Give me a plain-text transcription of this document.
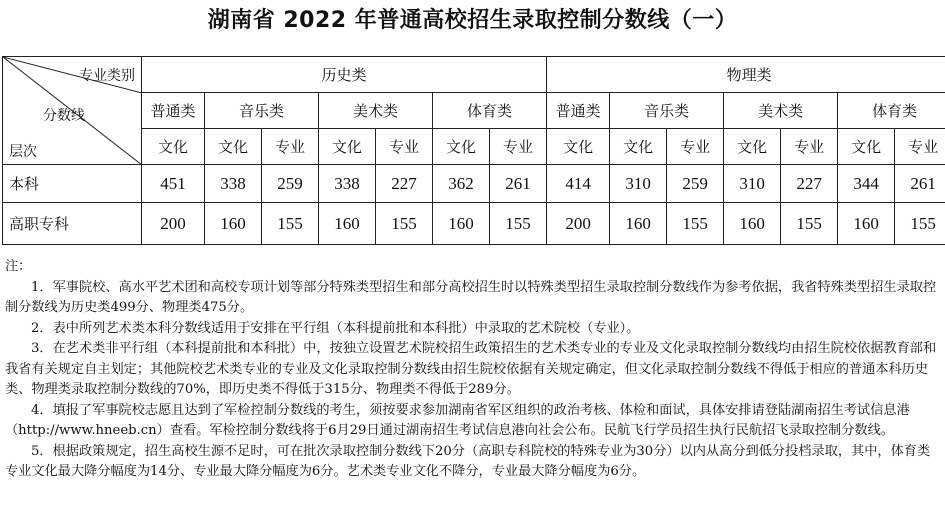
湖南省 2022 年普通高校招生录取控制分数线（一）
专业类别
分数线
层次	历史类							物理类						
	普通类	音乐类		美术类		体育类		普通类	音乐类		美术类		体育类	
	文化	文化	专业	文化	专业	文化	专业	文化	文化	专业	文化	专业	文化	专业
本科	451	338	259	338	227	362	261	414	310	259	310	227	344	261
高职专科	200	160	155	160	155	160	155	200	160	155	160	155	160	155

注：

1．军事院校、高水平艺术团和高校专项计划等部分特殊类型招生和部分高校招生时以特殊类型招生录取控制分数线作为参考依据，我省特殊类型招生录取控制分数线为历史类499分、物理类475分。

2．表中所列艺术类本科分数线适用于安排在平行组（本科提前批和本科批）中录取的艺术院校（专业）。

3．在艺术类非平行组（本科提前批和本科批）中，按独立设置艺术院校招生政策招生的艺术类专业的专业及文化录取控制分数线均由招生院校依据教育部和我省有关规定自主划定；其他院校艺术类专业的专业及文化录取控制分数线由招生院校依据有关规定确定，但文化录取控制分数线不得低于相应的普通本科历史类、物理类录取控制分数线的70%，即历史类不得低于315分、物理类不得低于289分。

4．填报了军事院校志愿且达到了军检控制分数线的考生，须按要求参加湖南省军区组织的政治考核、体检和面试，具体安排请登陆湖南招生考试信息港（http://www.hneeb.cn）查看。军检控制分数线将于6月29日通过湖南招生考试信息港向社会公布。民航飞行学员招生执行民航招飞录取控制分数线。

5．根据政策规定，招生高校生源不足时，可在批次录取控制分数线下20分（高职专科院校的特殊专业为30分）以内从高分到低分投档录取，其中，体育类专业文化最大降分幅度为14分、专业最大降分幅度为6分。艺术类专业文化不降分，专业最大降分幅度为6分。
